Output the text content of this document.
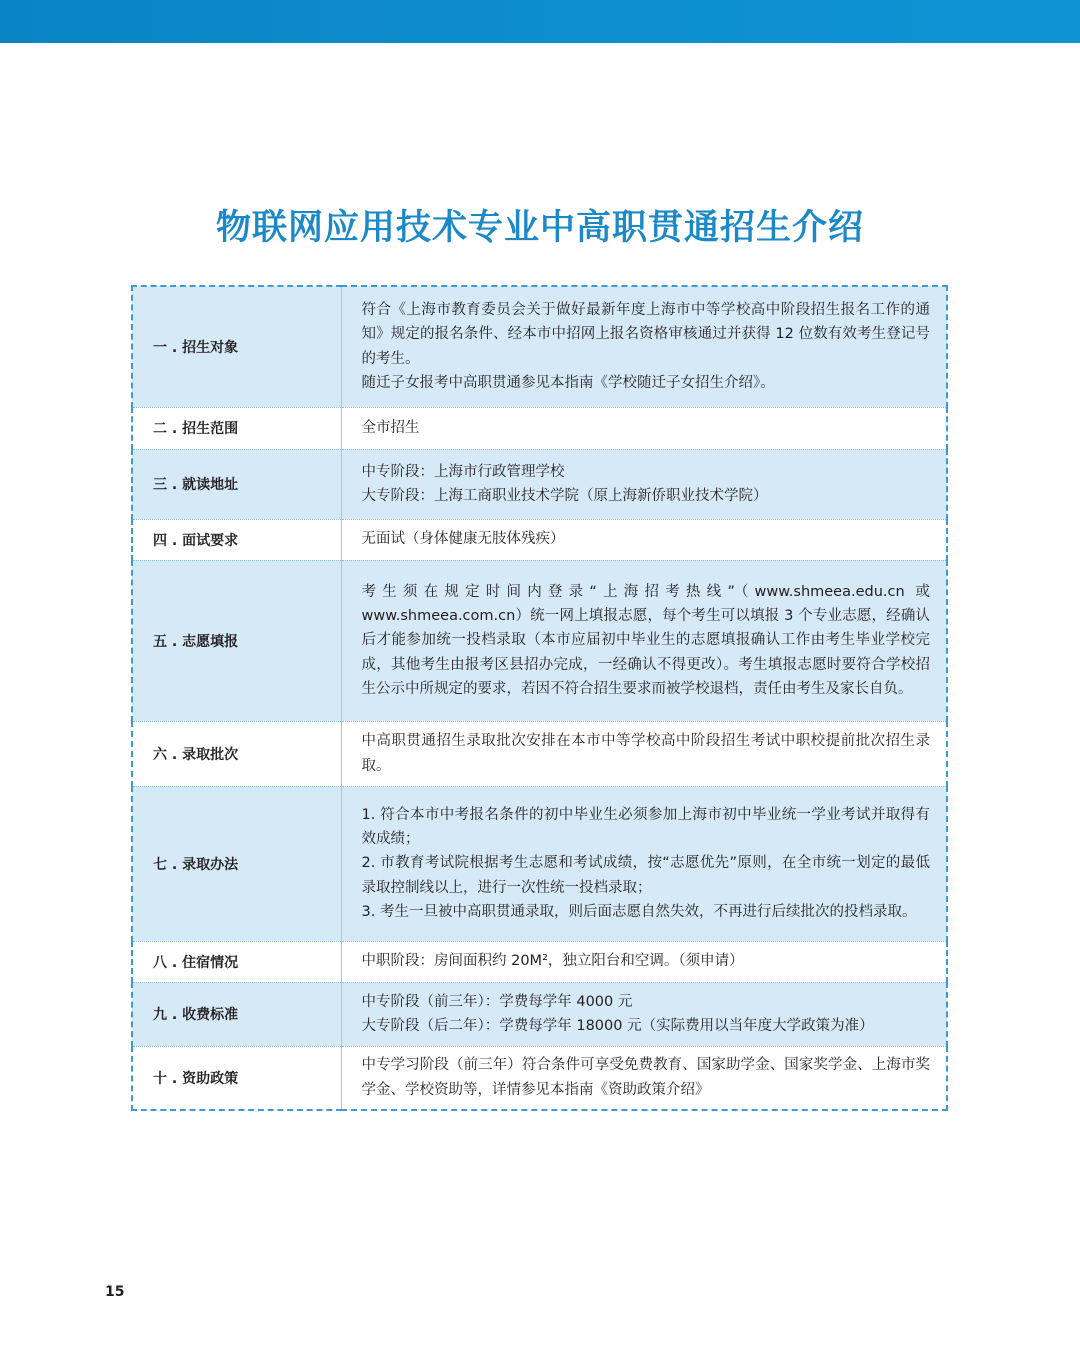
物联网应用技术专业中高职贯通招生介绍
一 . 招生对象	符合《上海市教育委员会关于做好最新年度上海市中等学校高中阶段招生报名工作的通知》规定的报名条件、经本市中招网上报名资格审核通过并获得 12 位数有效考生登记号的考生。
随迁子女报考中高职贯通参见本指南《学校随迁子女招生介绍》。

二 . 招生范围	全市招生

三 . 就读地址	中专阶段：上海市行政管理学校
大专阶段：上海工商职业技术学院（原上海新侨职业技术学院）

四 . 面试要求	无面试（身体健康无肢体残疾）

五 . 志愿填报	考生须在规定时间内登录“上海招考热线”（www.shmeea.edu.cn 或 www.shmeea.com.cn）统一网上填报志愿，每个考生可以填报 3 个专业志愿，经确认后才能参加统一投档录取（本市应届初中毕业生的志愿填报确认工作由考生毕业学校完成，其他考生由报考区县招办完成，一经确认不得更改）。考生填报志愿时要符合学校招生公示中所规定的要求，若因不符合招生要求而被学校退档，责任由考生及家长自负。

六 . 录取批次	中高职贯通招生录取批次安排在本市中等学校高中阶段招生考试中职校提前批次招生录取。

七 . 录取办法	1. 符合本市中考报名条件的初中毕业生必须参加上海市初中毕业统一学业考试并取得有效成绩；
2. 市教育考试院根据考生志愿和考试成绩，按“志愿优先”原则，在全市统一划定的最低录取控制线以上，进行一次性统一投档录取；
3. 考生一旦被中高职贯通录取，则后面志愿自然失效，不再进行后续批次的投档录取。

八 . 住宿情况	中职阶段：房间面积约 20M²，独立阳台和空调。（须申请）

九 . 收费标准	中专阶段（前三年）：学费每学年 4000 元
大专阶段（后二年）：学费每学年 18000 元（实际费用以当年度大学政策为准）

十 . 资助政策	中专学习阶段（前三年）符合条件可享受免费教育、国家助学金、国家奖学金、上海市奖学金、学校资助等，详情参见本指南《资助政策介绍》
15
